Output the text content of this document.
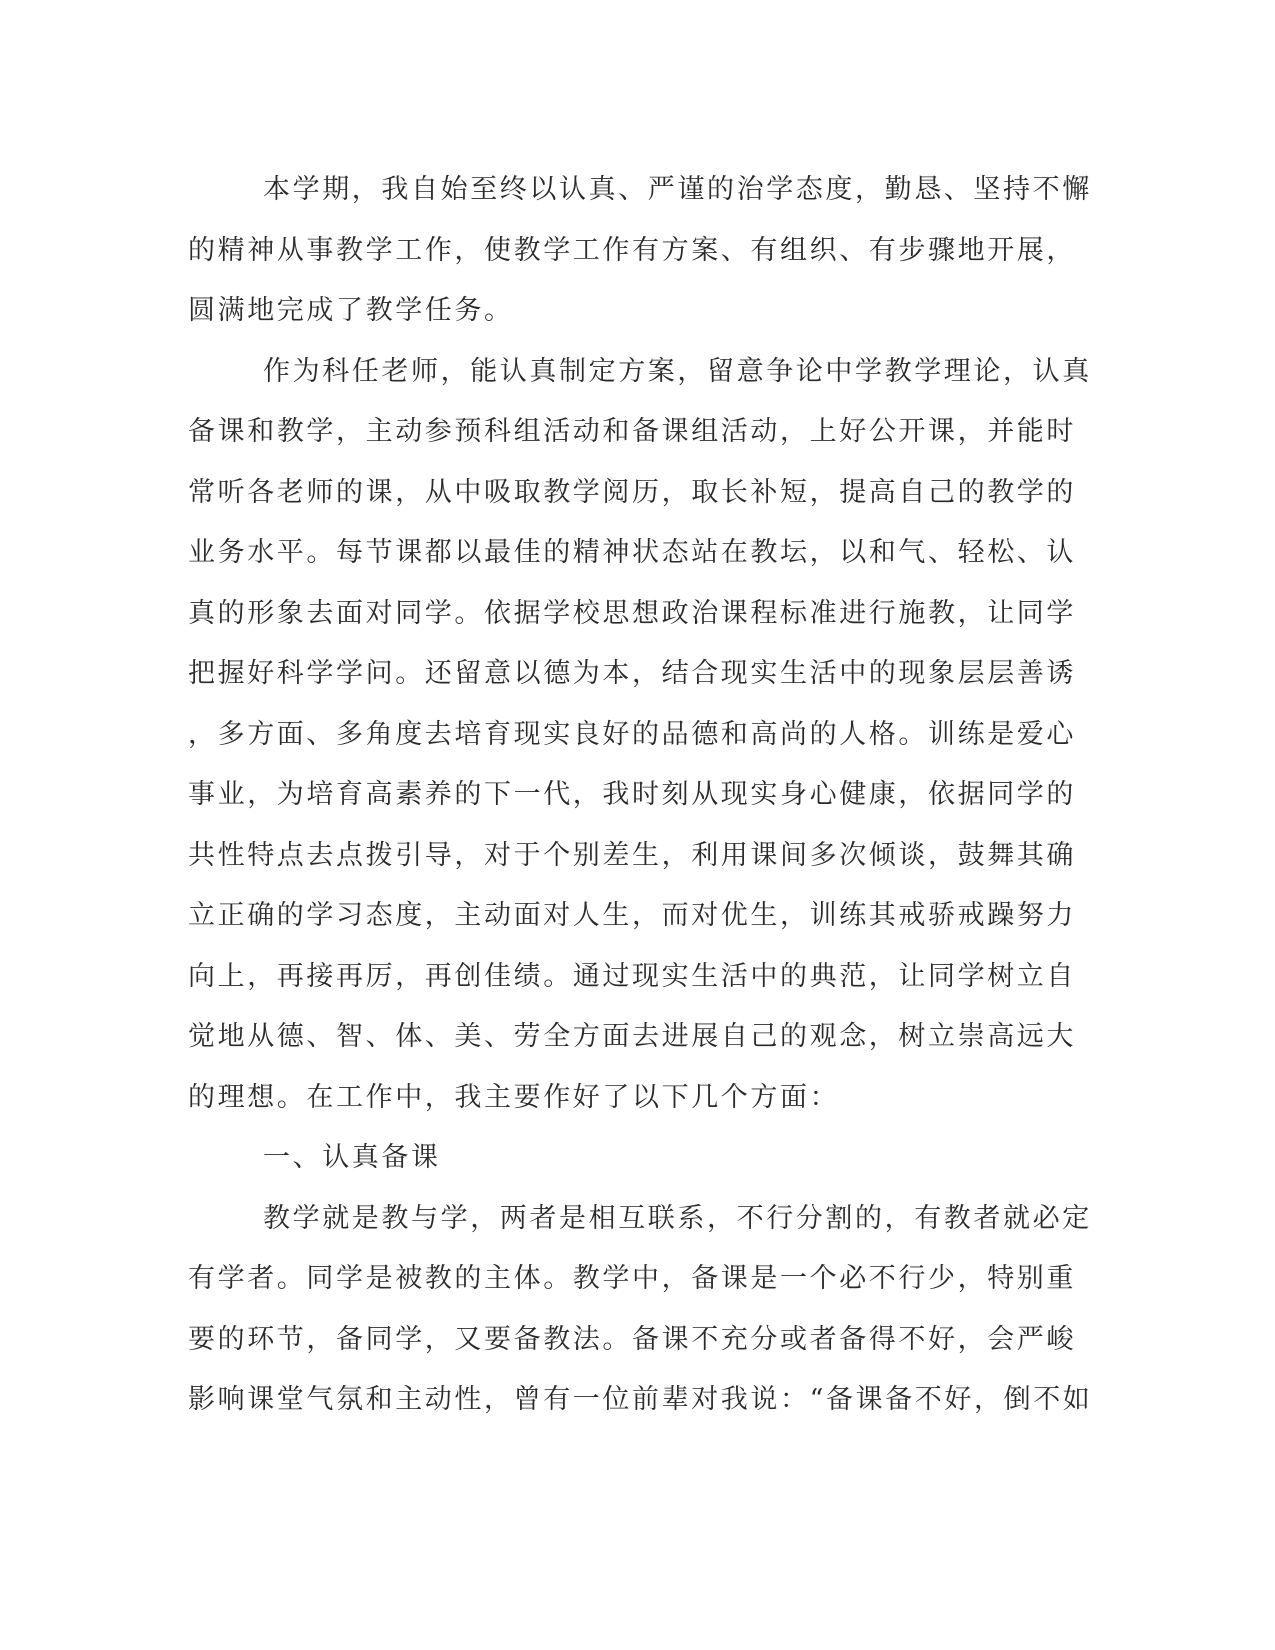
本学期，我自始至终以认真、严谨的治学态度，勤恳、坚持不懈
的精神从事教学工作，使教学工作有方案、有组织、有步骤地开展，
圆满地完成了教学任务。
作为科任老师，能认真制定方案，留意争论中学教学理论，认真
备课和教学，主动参预科组活动和备课组活动，上好公开课，并能时
常听各老师的课，从中吸取教学阅历，取长补短，提高自己的教学的
业务水平。每节课都以最佳的精神状态站在教坛，以和气、轻松、认
真的形象去面对同学。依据学校思想政治课程标准进行施教，让同学
把握好科学学问。还留意以德为本，结合现实生活中的现象层层善诱
，多方面、多角度去培育现实良好的品德和高尚的人格。训练是爱心
事业，为培育高素养的下一代，我时刻从现实身心健康，依据同学的
共性特点去点拨引导，对于个别差生，利用课间多次倾谈，鼓舞其确
立正确的学习态度，主动面对人生，而对优生，训练其戒骄戒躁努力
向上，再接再厉，再创佳绩。通过现实生活中的典范，让同学树立自
觉地从德、智、体、美、劳全方面去进展自己的观念，树立崇高远大
的理想。在工作中，我主要作好了以下几个方面：
一、认真备课
教学就是教与学，两者是相互联系，不行分割的，有教者就必定
有学者。同学是被教的主体。教学中，备课是一个必不行少，特别重
要的环节，备同学，又要备教法。备课不充分或者备得不好，会严峻
影响课堂气氛和主动性，曾有一位前辈对我说：“备课备不好，倒不如
